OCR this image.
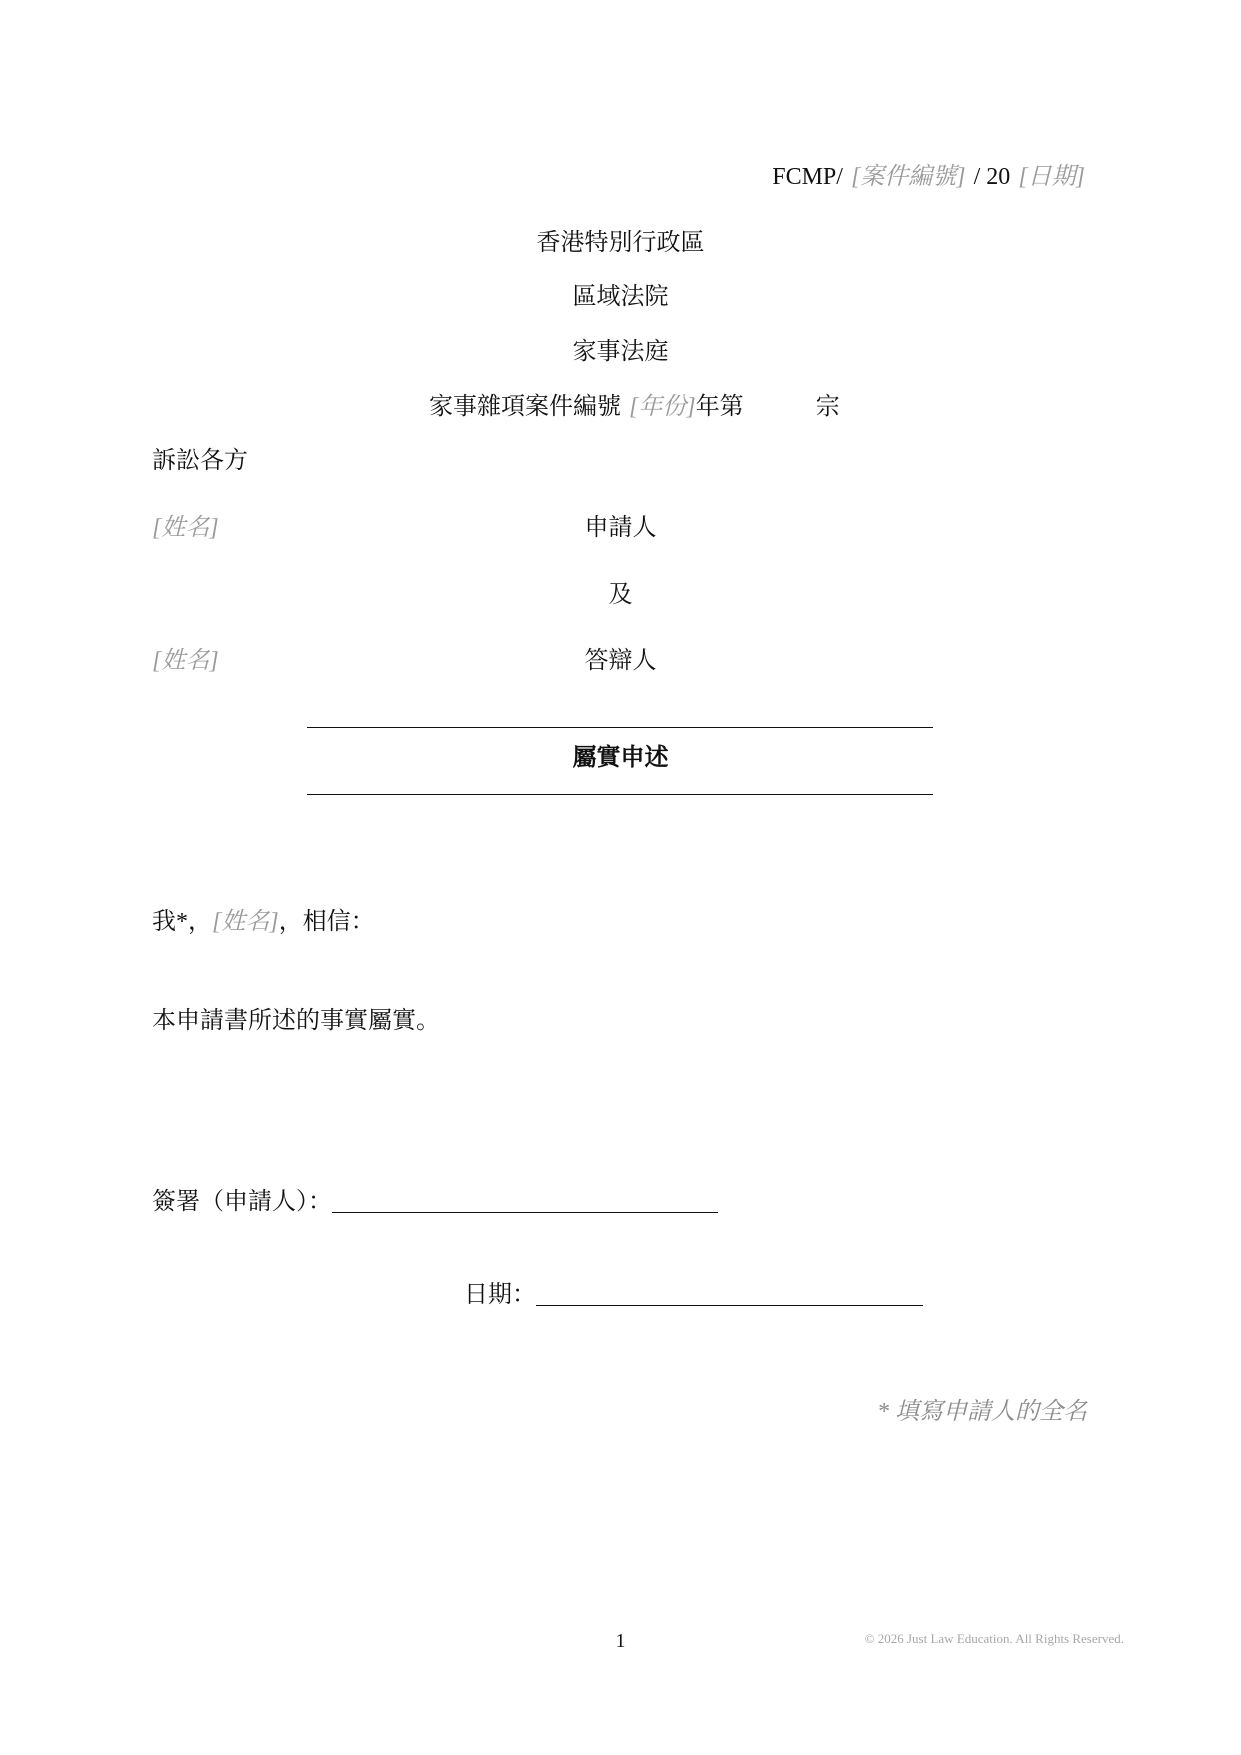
FCMP/ [案件編號] / 20 [日期]
香港特別行政區
區域法院
家事法庭
家事雜項案件編號 [年份]年第	宗
訴訟各方
[姓名]	申請人
及
[姓名]	答辯人
屬實申述
我*，[姓名]，相信：
本申請書所述的事實屬實。
簽署（申請人）：
日期：
* 填寫申請人的全名
1	© 2026 Just Law Education. All Rights Reserved.
